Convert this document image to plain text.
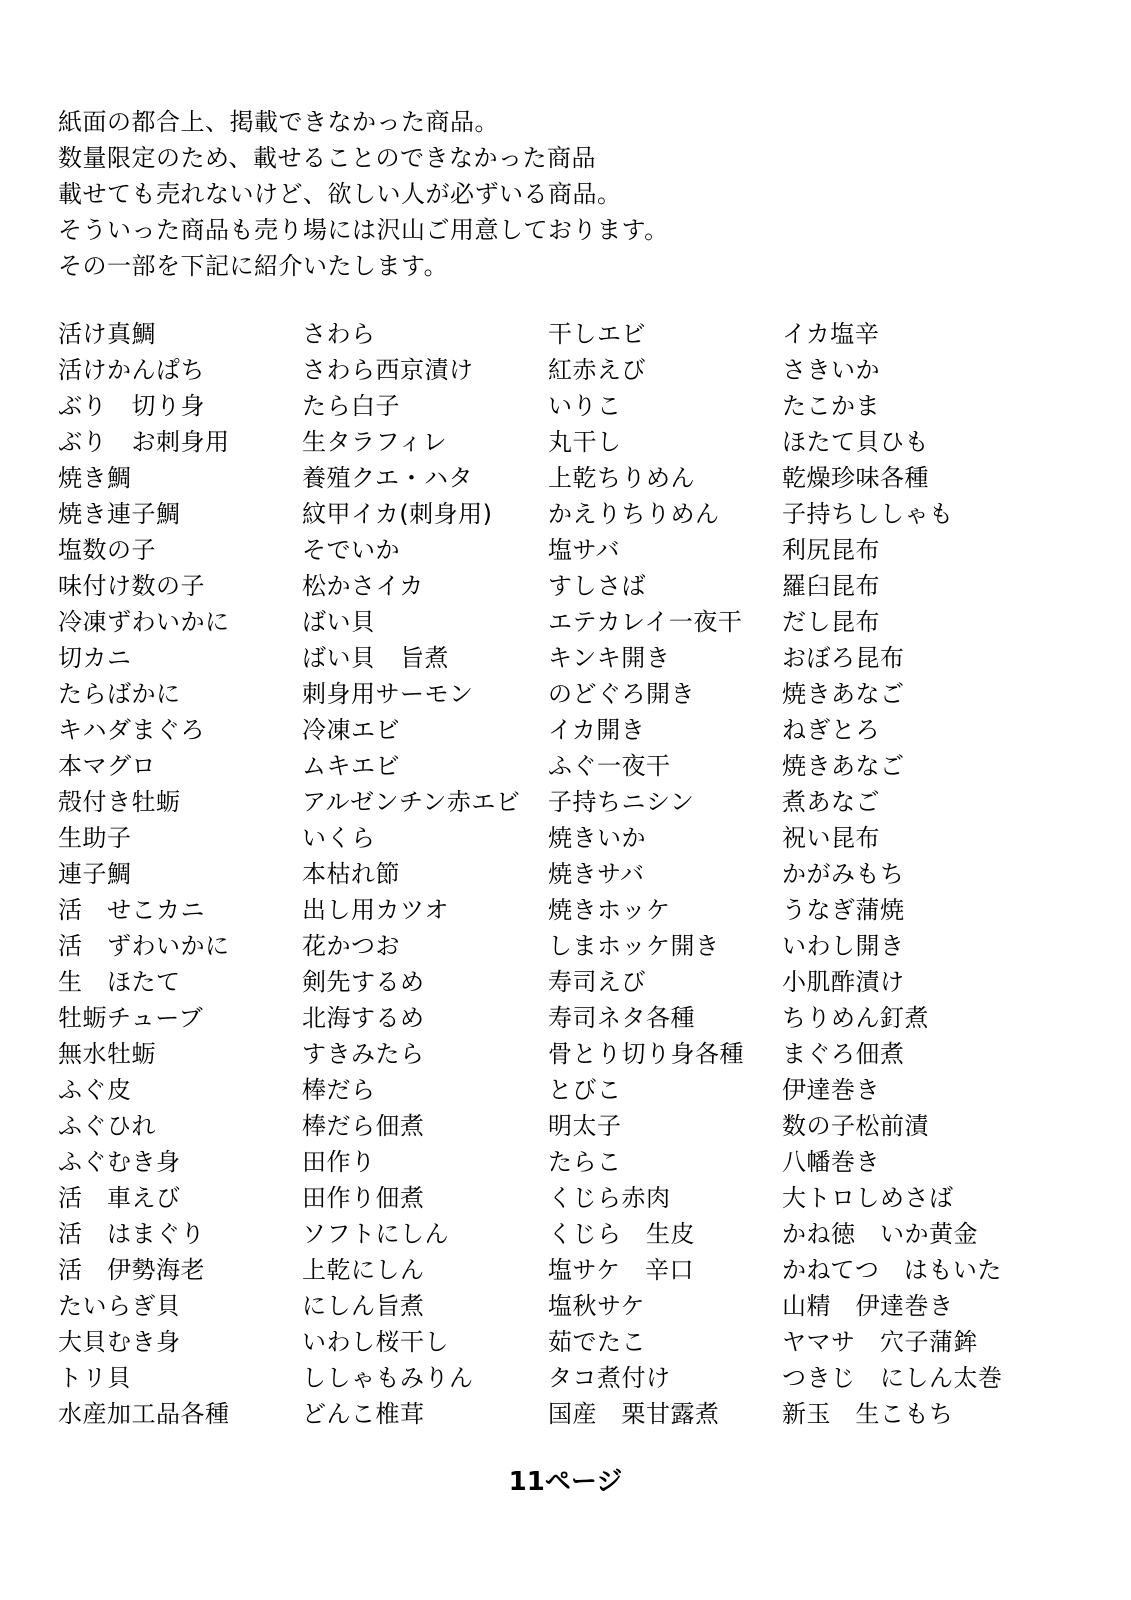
紙面の都合上、掲載できなかった商品。
数量限定のため、載せることのできなかった商品
載せても売れないけど、欲しい人が必ずいる商品。
そういった商品も売り場には沢山ご用意しております。
その一部を下記に紹介いたします。
活け真鯛
活けかんぱち
ぶり　切り身
ぶり　お刺身用
焼き鯛
焼き連子鯛
塩数の子
味付け数の子
冷凍ずわいかに
切カニ
たらばかに
キハダまぐろ
本マグロ
殻付き牡蛎
生助子
連子鯛
活　せこカニ
活　ずわいかに
生　ほたて
牡蛎チューブ
無水牡蛎
ふぐ皮
ふぐひれ
ふぐむき身
活　車えび
活　はまぐり
活　伊勢海老
たいらぎ貝
大貝むき身
トリ貝
水産加工品各種
さわら
さわら西京漬け
たら白子
生タラフィレ
養殖クエ・ハタ
紋甲イカ(刺身用)
そでいか
松かさイカ
ばい貝
ばい貝　旨煮
刺身用サーモン
冷凍エビ
ムキエビ
アルゼンチン赤エビ
いくら
本枯れ節
出し用カツオ
花かつお
剣先するめ
北海するめ
すきみたら
棒だら
棒だら佃煮
田作り
田作り佃煮
ソフトにしん
上乾にしん
にしん旨煮
いわし桜干し
ししゃもみりん
どんこ椎茸
干しエビ
紅赤えび
いりこ
丸干し
上乾ちりめん
かえりちりめん
塩サバ
すしさば
エテカレイ一夜干
キンキ開き
のどぐろ開き
イカ開き
ふぐ一夜干
子持ちニシン
焼きいか
焼きサバ
焼きホッケ
しまホッケ開き
寿司えび
寿司ネタ各種
骨とり切り身各種
とびこ
明太子
たらこ
くじら赤肉
くじら　生皮
塩サケ　辛口
塩秋サケ
茹でたこ
タコ煮付け
国産　栗甘露煮
イカ塩辛
さきいか
たこかま
ほたて貝ひも
乾燥珍味各種
子持ちししゃも
利尻昆布
羅臼昆布
だし昆布
おぼろ昆布
焼きあなご
ねぎとろ
焼きあなご
煮あなご
祝い昆布
かがみもち
うなぎ蒲焼
いわし開き
小肌酢漬け
ちりめん釘煮
まぐろ佃煮
伊達巻き
数の子松前漬
八幡巻き
大トロしめさば
かね徳　いか黄金
かねてつ　はもいた
山精　伊達巻き
ヤマサ　穴子蒲鉾
つきじ　にしん太巻
新玉　生こもち
11ページ
